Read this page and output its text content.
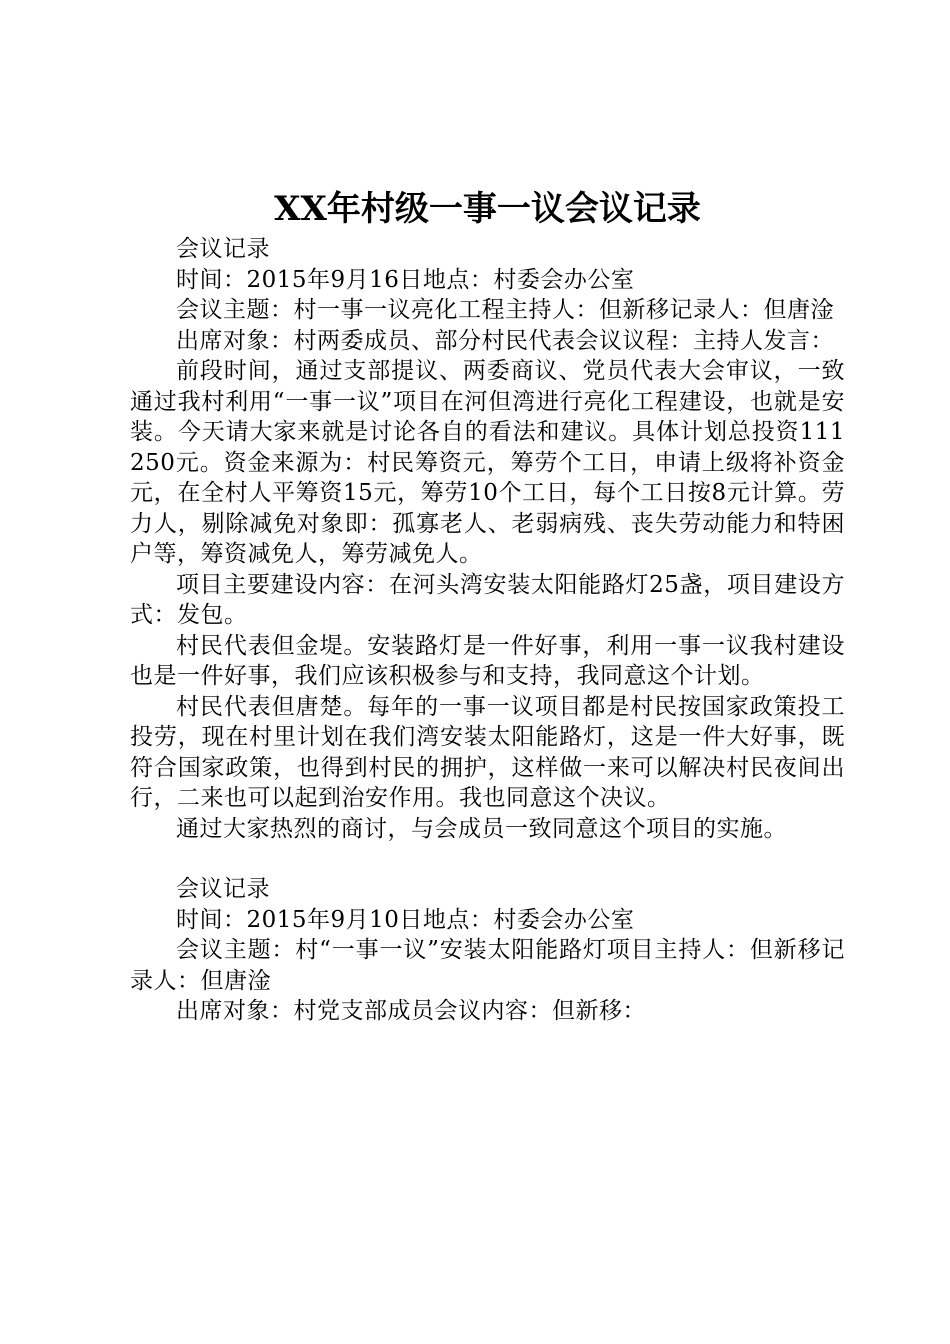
XX年村级一事一议会议记录

会议记录

时间：2015年9月16日地点：村委会办公室

会议主题：村一事一议亮化工程主持人：但新移记录人：但唐淦

出席对象：村两委成员、部分村民代表会议议程：主持人发言：

前段时间，通过支部提议、两委商议、党员代表大会审议，一致通过我村利用“一事一议”项目在河但湾进行亮化工程建设，也就是安装。今天请大家来就是讨论各自的看法和建议。具体计划总投资111250元。资金来源为：村民筹资元，筹劳个工日，申请上级将补资金元，在全村人平筹资15元，筹劳10个工日，每个工日按8元计算。劳力人，剔除减免对象即：孤寡老人、老弱病残、丧失劳动能力和特困户等，筹资减免人，筹劳减免人。

项目主要建设内容：在河头湾安装太阳能路灯25盏，项目建设方式：发包。

村民代表但金堤。安装路灯是一件好事，利用一事一议我村建设也是一件好事，我们应该积极参与和支持，我同意这个计划。

村民代表但唐楚。每年的一事一议项目都是村民按国家政策投工投劳，现在村里计划在我们湾安装太阳能路灯，这是一件大好事，既符合国家政策，也得到村民的拥护，这样做一来可以解决村民夜间出行，二来也可以起到治安作用。我也同意这个决议。

通过大家热烈的商讨，与会成员一致同意这个项目的实施。

会议记录

时间：2015年9月10日地点：村委会办公室

会议主题：村“一事一议”安装太阳能路灯项目主持人：但新移记录人：但唐淦

出席对象：村党支部成员会议内容：但新移：
